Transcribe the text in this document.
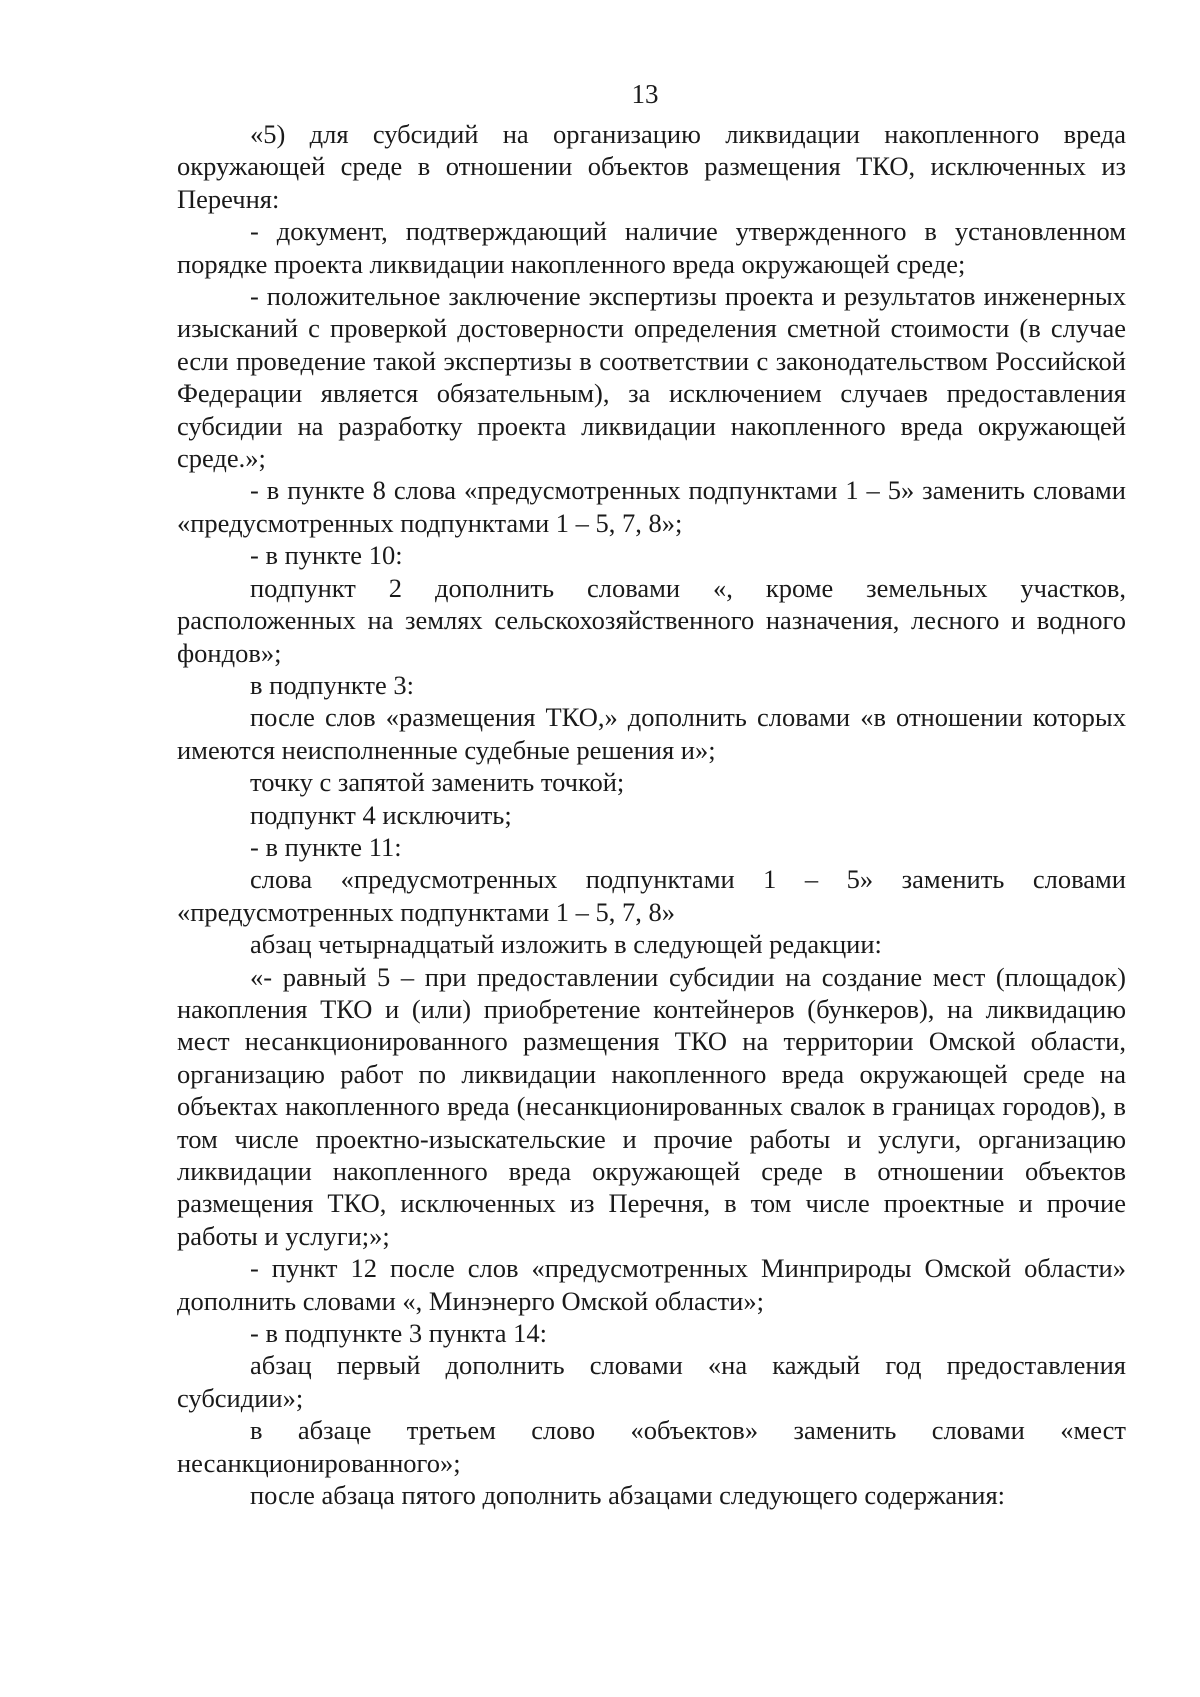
13

«5) для субсидий на организацию ликвидации накопленного вреда окружающей среде в отношении объектов размещения ТКО, исключенных из Перечня:

- документ, подтверждающий наличие утвержденного в установленном порядке проекта ликвидации накопленного вреда окружающей среде;

- положительное заключение экспертизы проекта и результатов инженерных изысканий с проверкой достоверности определения сметной стоимости (в случае если проведение такой экспертизы в соответствии с законодательством Российской Федерации является обязательным), за исключением случаев предоставления субсидии на разработку проекта ликвидации накопленного вреда окружающей среде.»;

- в пункте 8 слова «предусмотренных подпунктами 1 – 5» заменить словами «предусмотренных подпунктами 1 – 5, 7, 8»;

- в пункте 10:

подпункт 2 дополнить словами «, кроме земельных участков, расположенных на землях сельскохозяйственного назначения, лесного и водного фондов»;

в подпункте 3:

после слов «размещения ТКО,» дополнить словами «в отношении которых имеются неисполненные судебные решения и»;

точку с запятой заменить точкой;

подпункт 4 исключить;

- в пункте 11:

слова «предусмотренных подпунктами 1 – 5» заменить словами «предусмотренных подпунктами 1 – 5, 7, 8»

абзац четырнадцатый изложить в следующей редакции:

«- равный 5 – при предоставлении субсидии на создание мест (площадок) накопления ТКО и (или) приобретение контейнеров (бункеров), на ликвидацию мест несанкционированного размещения ТКО на территории Омской области, организацию работ по ликвидации накопленного вреда окружающей среде на объектах накопленного вреда (несанкционированных свалок в границах городов), в том числе проектно-изыскательские и прочие работы и услуги, организацию ликвидации накопленного вреда окружающей среде в отношении объектов размещения ТКО, исключенных из Перечня, в том числе проектные и прочие работы и услуги;»;

- пункт 12 после слов «предусмотренных Минприроды Омской области» дополнить словами «, Минэнерго Омской области»;

- в подпункте 3 пункта 14:

абзац первый дополнить словами «на каждый год предоставления субсидии»;

в абзаце третьем слово «объектов» заменить словами «мест несанкционированного»;

после абзаца пятого дополнить абзацами следующего содержания:
